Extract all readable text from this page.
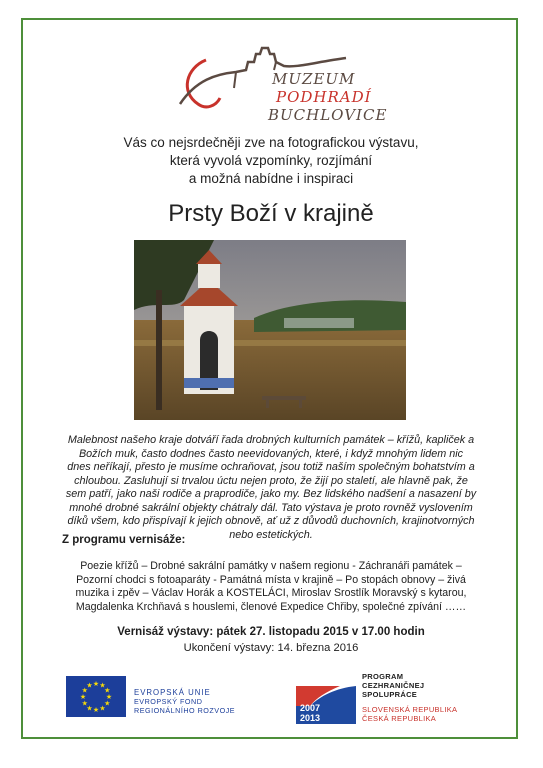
MUZEUM
PODHRADÍ
BUCHLOVICE
Vás co nejsrdečněji zve na fotografickou výstavu,
která vyvolá vzpomínky, rozjímání
a možná nabídne i inspiraci
Prsty Boží v krajině
Malebnost našeho kraje dotváří řada drobných kulturních památek – křížů, kapliček a
Božích muk, často dodnes často neevidovaných, které, i když mnohým lidem nic
dnes neříkají, přesto je musíme ochraňovat, jsou totiž naším společným bohatstvím a
chloubou. Zasluhují si trvalou úctu nejen proto, že žijí po staletí, ale hlavně pak, že
sem patří, jako naši rodiče a praprodiče, jako my. Bez lidského nadšení a nasazení by
mnohé drobné sakrální objekty chátraly dál. Tato výstava je proto rovněž vyslovením
díků všem, kdo přispívají k jejich obnově, ať už z důvodů duchovních, krajinotvorných
nebo estetických.
Z programu vernisáže:
Poezie křížů – Drobné sakrální památky v našem regionu - Záchranáři památek –
Pozorní chodci s fotoaparáty - Památná místa v krajině – Po stopách obnovy – živá
muzika i zpěv – Václav Horák a KOSTELÁCI, Miroslav Srostlík Moravský s kytarou,
Magdalenka Krchňavá s houslemi, členové Expedice Chřiby, společné zpívání ……
Vernisáž výstavy: pátek 27. listopadu 2015 v 17.00 hodin
Ukončení výstavy: 14. března 2016
★ ★
★
★
★
★
★
★
★
★
★
★
EVROPSKÁ UNIE
EVROPSKÝ FOND
REGIONÁLNÍHO ROZVOJE	2007
2013
PROGRAM
CEZHRANIČNEJ
SPOLUPRÁCE
SLOVENSKÁ REPUBLIKA
ČESKÁ REPUBLIKA
